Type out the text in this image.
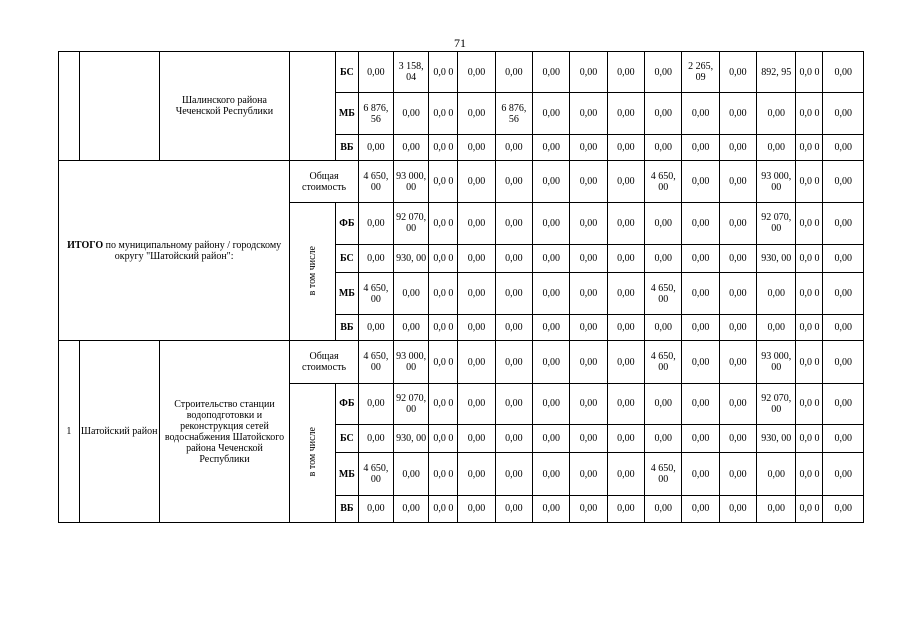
71
		Шалинского района Чеченской Республики		БС	0,00	3 158, 04	0,0 0	0,00	0,00	0,00	0,00	0,00	0,00	2 265, 09	0,00	892, 95	0,0 0	0,00
				МБ	6 876, 56	0,00	0,0 0	0,00	6 876, 56	0,00	0,00	0,00	0,00	0,00	0,00	0,00	0,0 0	0,00
				ВБ	0,00	0,00	0,0 0	0,00	0,00	0,00	0,00	0,00	0,00	0,00	0,00	0,00	0,0 0	0,00
ИТОГО по муниципальному району / городскому округу "Шатойский район":			Общая стоимость		4 650, 00	93 000, 00	0,0 0	0,00	0,00	0,00	0,00	0,00	4 650, 00	0,00	0,00	93 000, 00	0,0 0	0,00
			в том числе	ФБ	0,00	92 070, 00	0,0 0	0,00	0,00	0,00	0,00	0,00	0,00	0,00	0,00	92 070, 00	0,0 0	0,00
				БС	0,00	930, 00	0,0 0	0,00	0,00	0,00	0,00	0,00	0,00	0,00	0,00	930, 00	0,0 0	0,00
				МБ	4 650, 00	0,00	0,0 0	0,00	0,00	0,00	0,00	0,00	4 650, 00	0,00	0,00	0,00	0,0 0	0,00
				ВБ	0,00	0,00	0,0 0	0,00	0,00	0,00	0,00	0,00	0,00	0,00	0,00	0,00	0,0 0	0,00
1	Шатойский район	Строительство станции водоподготовки и реконструкция сетей водоснабжения Шатойского района Чеченской Республики	Общая стоимость		4 650, 00	93 000, 00	0,0 0	0,00	0,00	0,00	0,00	0,00	4 650, 00	0,00	0,00	93 000, 00	0,0 0	0,00
			в том числе	ФБ	0,00	92 070, 00	0,0 0	0,00	0,00	0,00	0,00	0,00	0,00	0,00	0,00	92 070, 00	0,0 0	0,00
				БС	0,00	930, 00	0,0 0	0,00	0,00	0,00	0,00	0,00	0,00	0,00	0,00	930, 00	0,0 0	0,00
				МБ	4 650, 00	0,00	0,0 0	0,00	0,00	0,00	0,00	0,00	4 650, 00	0,00	0,00	0,00	0,0 0	0,00
				ВБ	0,00	0,00	0,0 0	0,00	0,00	0,00	0,00	0,00	0,00	0,00	0,00	0,00	0,0 0	0,00
